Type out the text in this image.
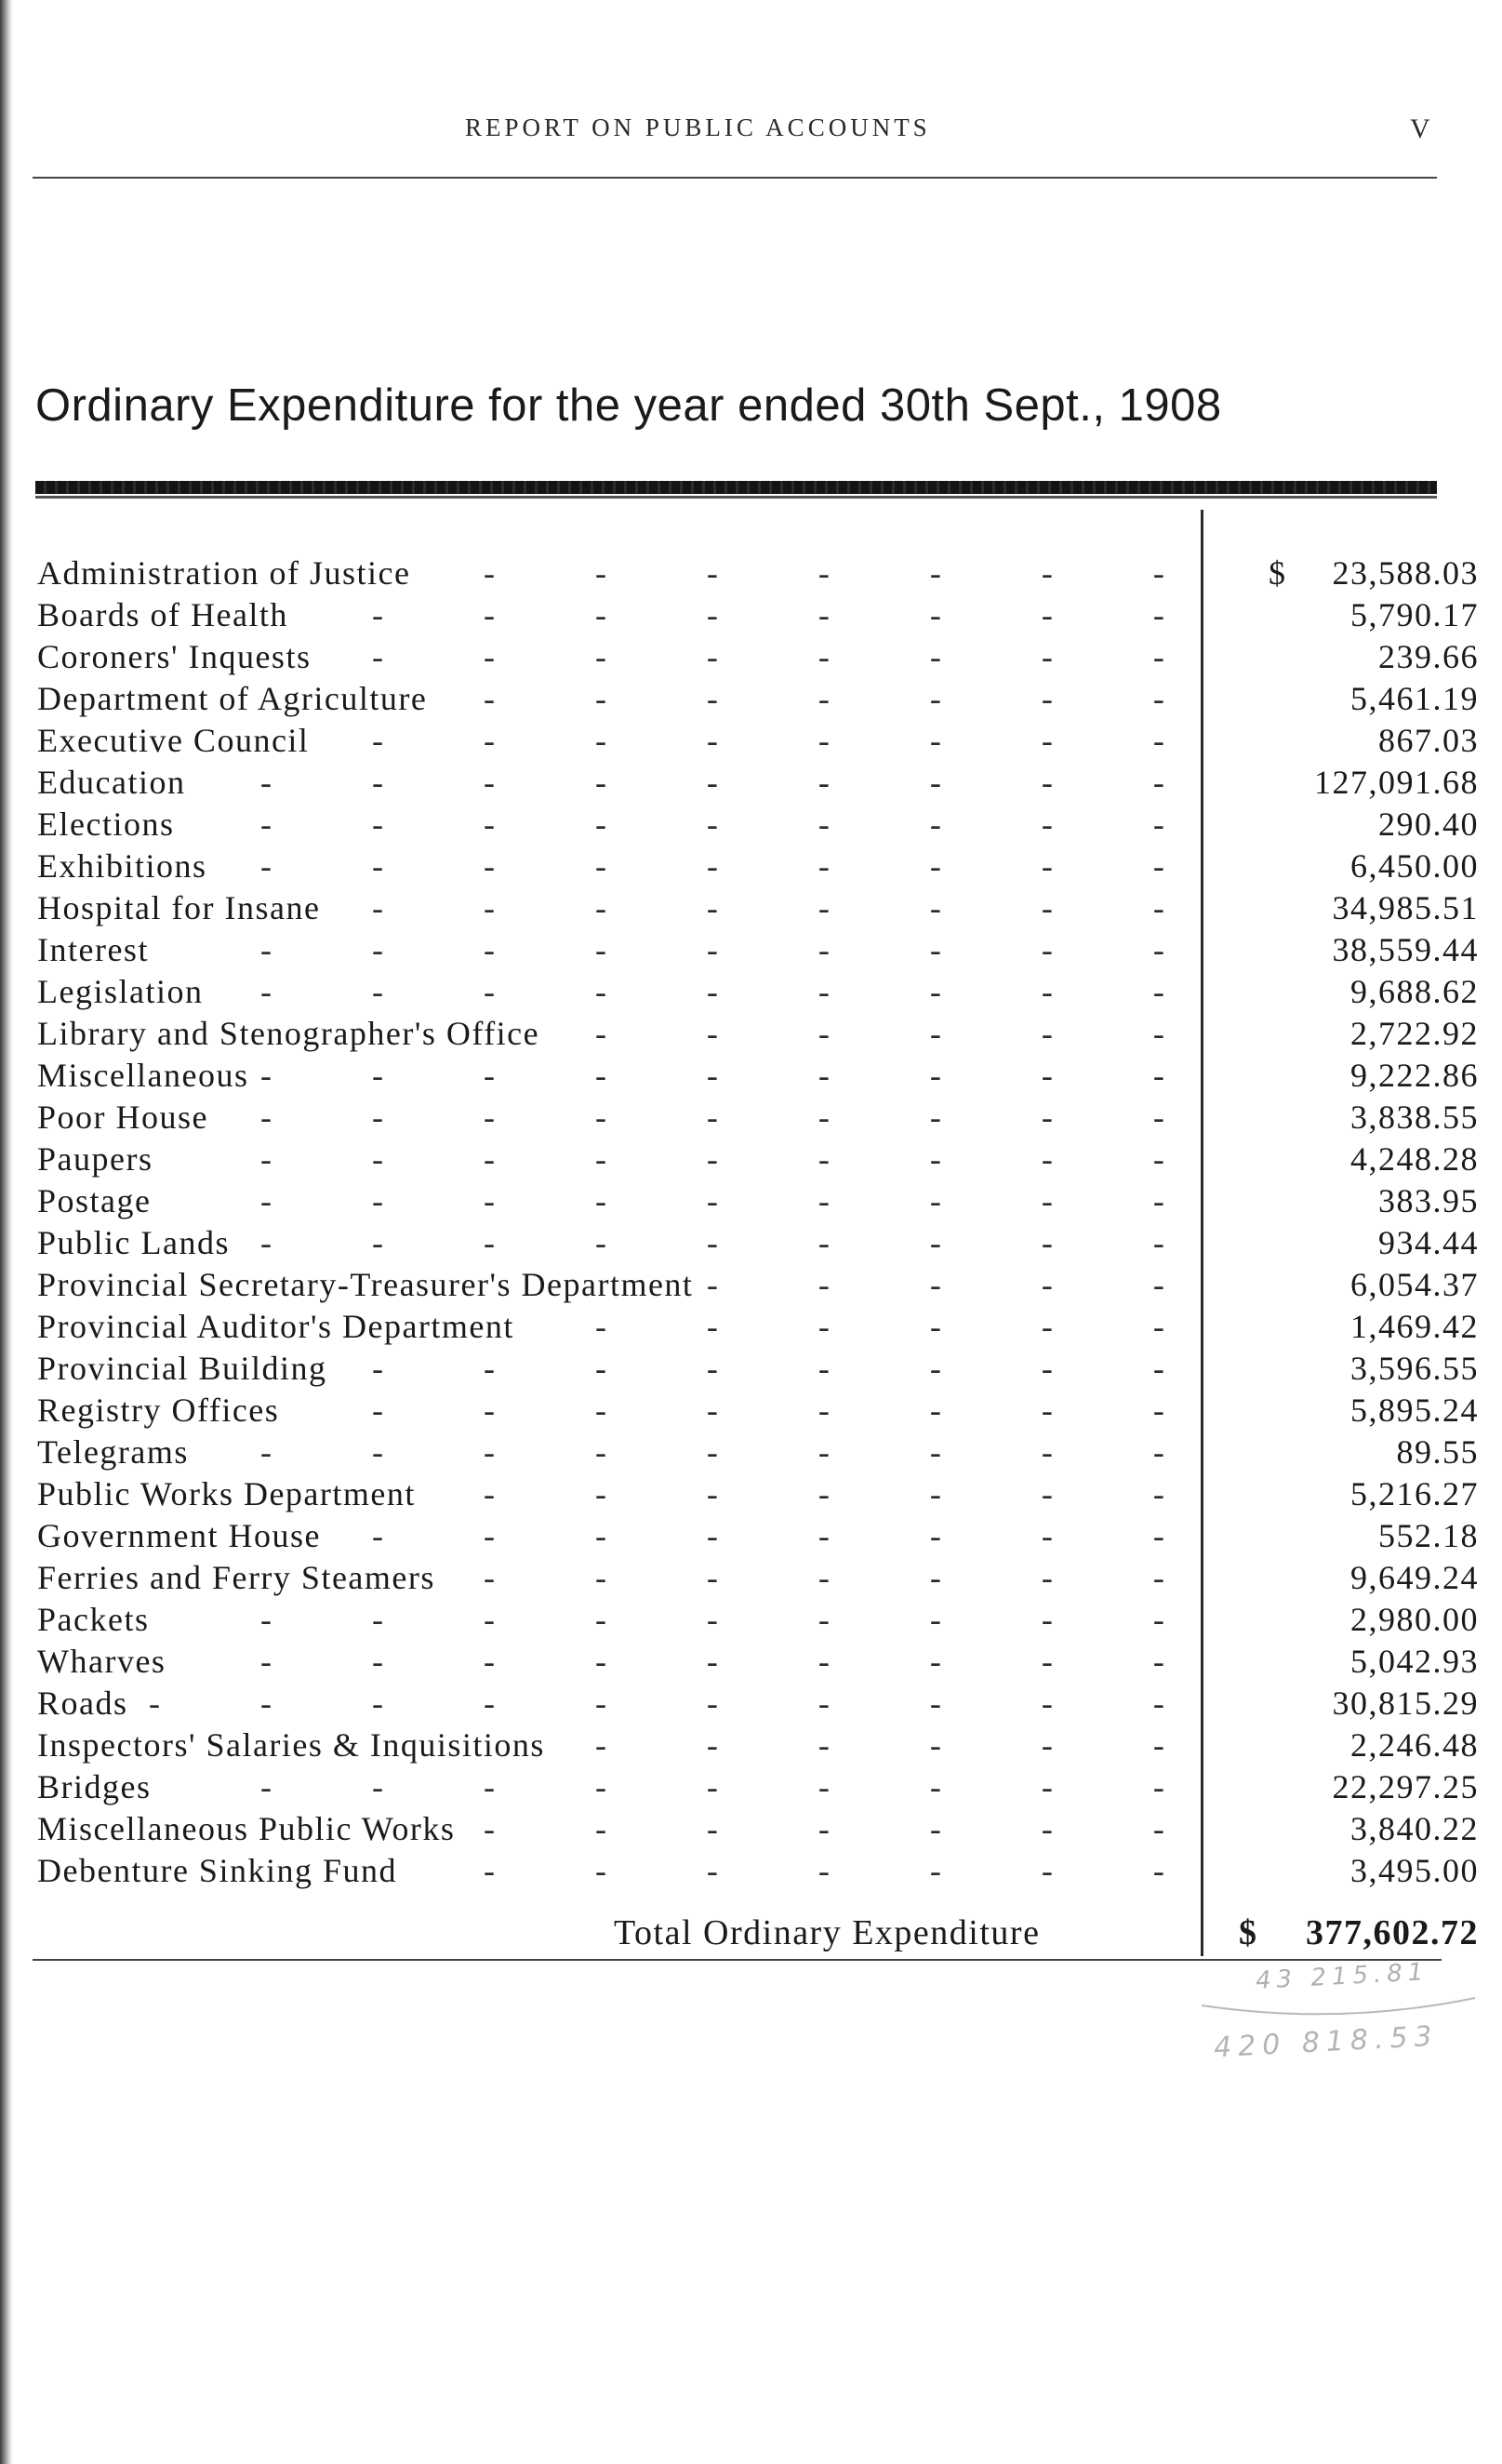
REPORT ON PUBLIC ACCOUNTS	V
Ordinary Expenditure for the year ended 30th Sept., 1908
-
Administration of Justice	$ 23,588.03
-
Boards of Health	5,790.17
-
Coroners' Inquests	239.66
-
Department of Agriculture	5,461.19
-
Executive Council	867.03
-
Education	127,091.68
-
Elections	290.40
-
Exhibitions	6,450.00
-
Hospital for Insane	34,985.51
-
Interest	38,559.44
-
Legislation	9,688.62
-
Library and Stenographer's Office	2,722.92
-
Miscellaneous	9,222.86
-
Poor House	3,838.55
-
Paupers	4,248.28
-
Postage	383.95
-
Public Lands	934.44
-
Provincial Secretary-Treasurer's Department	6,054.37
-
Provincial Auditor's Department	1,469.42
-
Provincial Building	3,596.55
-
Registry Offices	5,895.24
-
Telegrams	89.55
-
Public Works Department	5,216.27
-
Government House	552.18
-
Ferries and Ferry Steamers	9,649.24
-
Packets	2,980.00
-
Wharves	5,042.93
-
Roads	30,815.29
-
Inspectors' Salaries & Inquisitions	2,246.48
-
Bridges	22,297.25
-
Miscellaneous Public Works	3,840.22
-
Debenture Sinking Fund	3,495.00
Total Ordinary Expenditure	$ 377,602.72
43 215.81
420 818.53
